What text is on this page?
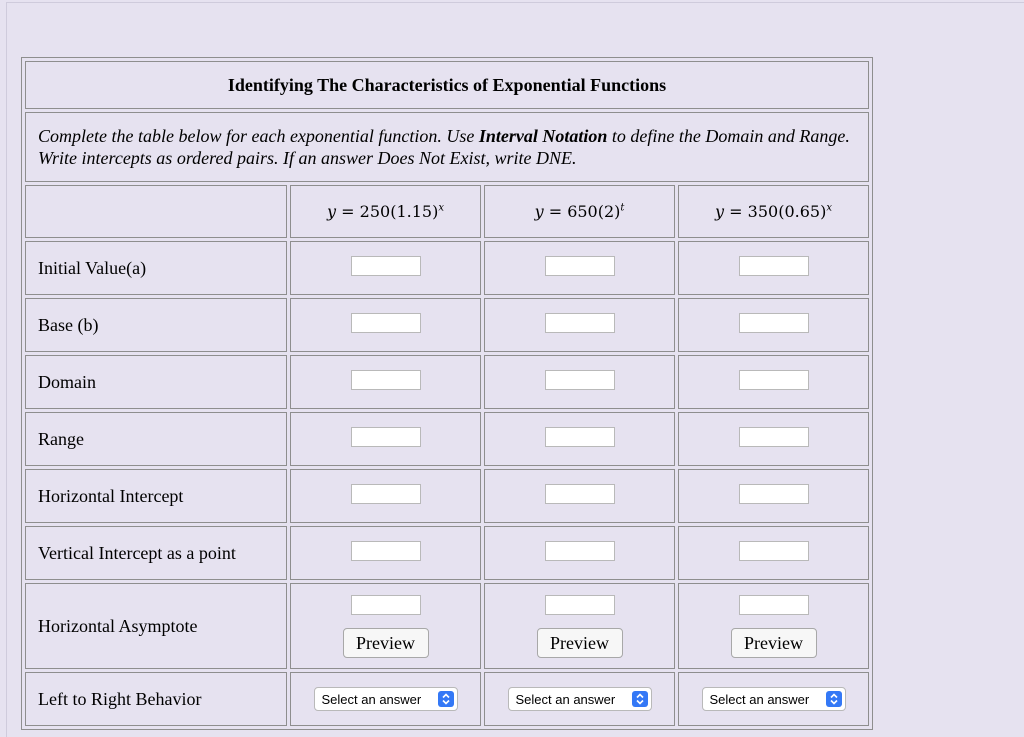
Identifying The Characteristics of Exponential Functions			
Complete the table below for each exponential function. Use Interval Notation to define the Domain and Range. Write intercepts as ordered pairs. If an answer Does Not Exist, write DNE.			
	$y = 250(1.15)^x$	$y = 650(2)^t$	$y = 350(0.65)^x$
Initial Value(a)			
Base (b)			
Domain			
Range			
Horizontal Intercept			
Vertical Intercept as a point			
Horizontal Asymptote	Preview	Preview	Preview
Left to Right Behavior	Select an answer	Select an answer	Select an answer
